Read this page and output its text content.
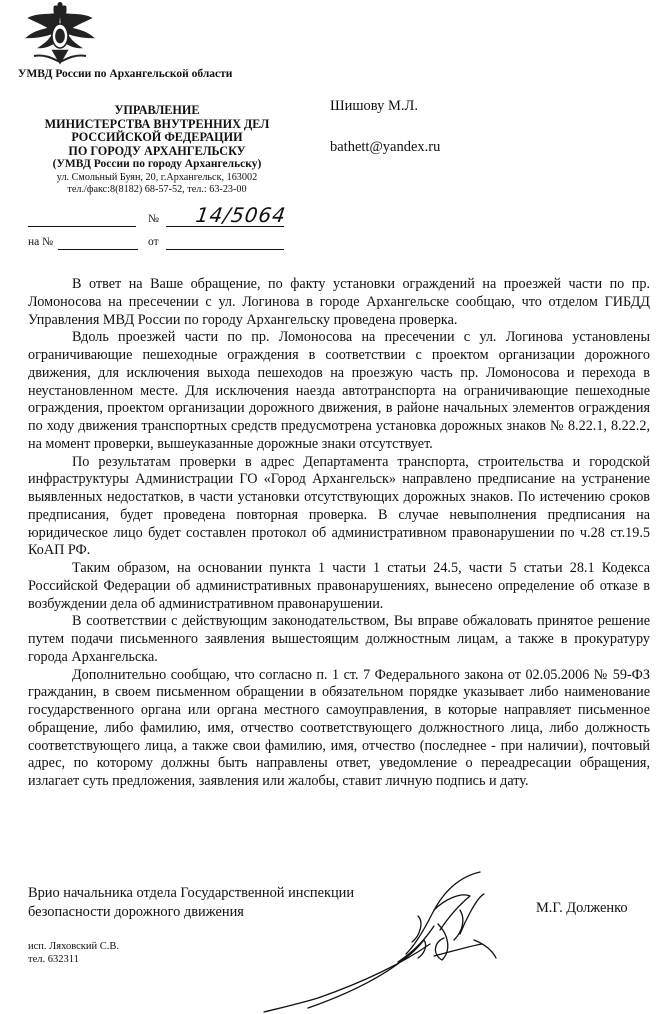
УМВД России по Архангельской области
УПРАВЛЕНИЕ
МИНИСТЕРСТВА ВНУТРЕННИХ ДЕЛ
РОССИЙСКОЙ ФЕДЕРАЦИИ
ПО ГОРОДУ АРХАНГЕЛЬСКУ
(УМВД России по городу Архангельску)
ул. Смольный Буян, 20, г.Архангельск, 163002
тел./факс:8(8182) 68-57-52, тел.: 63-23-00
№ 14/5064
на №	от
Шишову М.Л.
bathett@yandex.ru

В ответ на Ваше обращение, по факту установки ограждений на проезжей части по пр. Ломоносова на пресечении с ул. Логинова в городе Архангельске сообщаю, что отделом ГИБДД Управления МВД России по городу Архангельску проведена проверка.

Вдоль проезжей части по пр. Ломоносова на пресечении с ул. Логинова установлены ограничивающие пешеходные ограждения в соответствии с проектом организации дорожного движения, для исключения выхода пешеходов на проезжую часть пр. Ломоносова и перехода в неустановленном месте. Для исключения наезда автотранспорта на ограничивающие пешеходные ограждения, проектом организации дорожного движения, в районе начальных элементов ограждения по ходу движения транспортных средств предусмотрена установка дорожных знаков № 8.22.1, 8.22.2, на момент проверки, вышеуказанные дорожные знаки отсутствует.

По результатам проверки в адрес Департамента транспорта, строительства и городской инфраструктуры Администрации ГО «Город Архангельск» направлено предписание на устранение выявленных недостатков, в части установки отсутствующих дорожных знаков. По истечению сроков предписания, будет проведена повторная проверка. В случае невыполнения предписания на юридическое лицо будет составлен протокол об административном правонарушении по ч.28 ст.19.5 КоАП РФ.

Таким образом, на основании пункта 1 части 1 статьи 24.5, части 5 статьи 28.1 Кодекса Российской Федерации об административных правонарушениях, вынесено определение об отказе в возбуждении дела об административном правонарушении.

В соответствии с действующим законодательством, Вы вправе обжаловать принятое решение путем подачи письменного заявления вышестоящим должностным лицам, а также в прокуратуру города Архангельска.

Дополнительно сообщаю, что согласно п. 1 ст. 7 Федерального закона от 02.05.2006 № 59-ФЗ гражданин, в своем письменном обращении в обязательном порядке указывает либо наименование государственного органа или органа местного самоуправления, в которые направляет письменное обращение, либо фамилию, имя, отчество соответствующего должностного лица, либо должность соответствующего лица, а также свои фамилию, имя, отчество (последнее - при наличии), почтовый адрес, по которому должны быть направлены ответ, уведомление о переадресации обращения, излагает суть предложения, заявления или жалобы, ставит личную подпись и дату.

Врио начальника отдела Государственной инспекции
безопасности дорожного движения	М.Г. Долженко
исп. Ляховский С.В.
тел. 632311
